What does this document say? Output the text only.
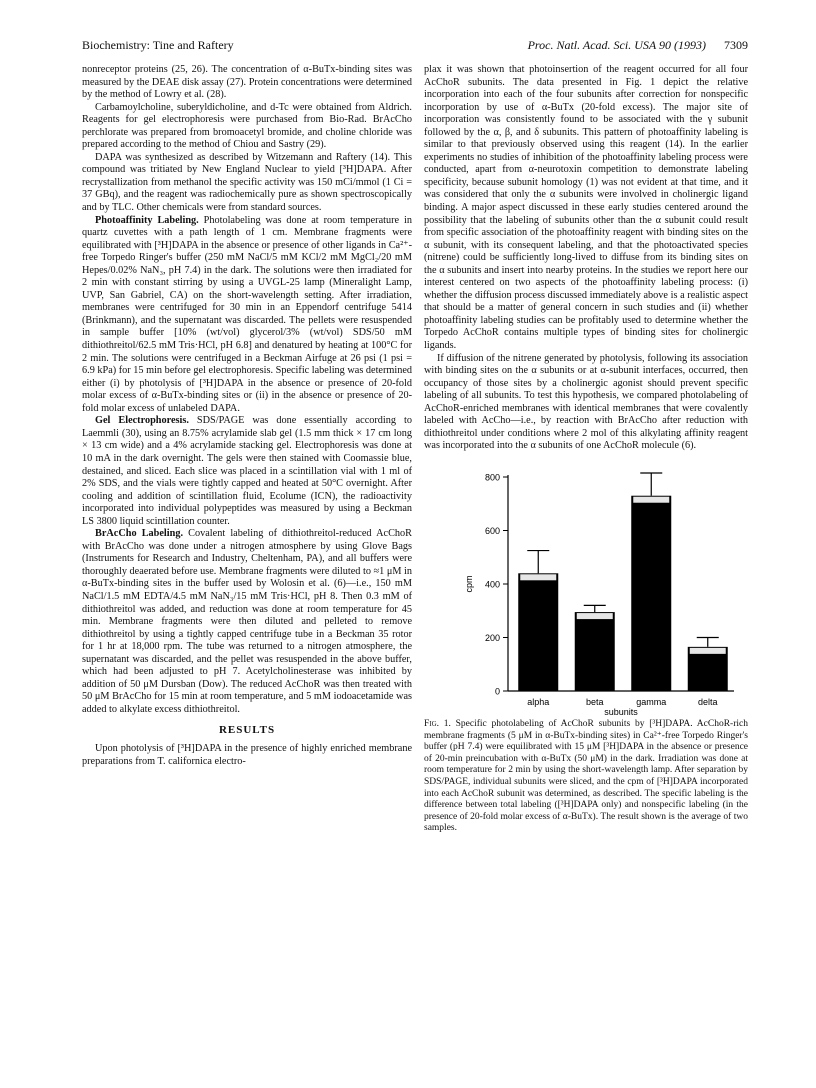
Biochemistry: Tine and Raftery	Proc. Natl. Acad. Sci. USA 90 (1993) 7309

nonreceptor proteins (25, 26). The concentration of α-BuTx-binding sites was measured by the DEAE disk assay (27). Protein concentrations were determined by the method of Lowry et al. (28).

Carbamoylcholine, suberyldicholine, and d-Tc were obtained from Aldrich. Reagents for gel electrophoresis were purchased from Bio-Rad. BrAcCho perchlorate was prepared from bromoacetyl bromide, and choline chloride was prepared according to the method of Chiou and Sastry (29).

DAPA was synthesized as described by Witzemann and Raftery (14). This compound was tritiated by New England Nuclear to yield [³H]DAPA. After recrystallization from methanol the specific activity was 150 mCi/mmol (1 Ci = 37 GBq), and the reagent was radiochemically pure as shown spectroscopically and by TLC. Other chemicals were from standard sources.

Photoaffinity Labeling. Photolabeling was done at room temperature in quartz cuvettes with a path length of 1 cm. Membrane fragments were equilibrated with [³H]DAPA in the absence or presence of other ligands in Ca²⁺-free Torpedo Ringer's buffer (250 mM NaCl/5 mM KCl/2 mM MgCl₂/20 mM Hepes/0.02% NaN₃, pH 7.4) in the dark. The solutions were then irradiated for 2 min with constant stirring by using a UVGL-25 lamp (Mineralight Lamp, UVP, San Gabriel, CA) on the short-wavelength setting. After irradiation, membranes were centrifuged for 30 min in an Eppendorf centrifuge 5414 (Brinkmann), and the supernatant was discarded. The pellets were resuspended in sample buffer [10% (wt/vol) glycerol/3% (wt/vol) SDS/50 mM dithiothreitol/62.5 mM Tris·HCl, pH 6.8] and denatured by heating at 100°C for 2 min. The solutions were centrifuged in a Beckman Airfuge at 26 psi (1 psi = 6.9 kPa) for 15 min before gel electrophoresis. Specific labeling was determined either (i) by photolysis of [³H]DAPA in the absence or presence of 20-fold molar excess of α-BuTx-binding sites or (ii) in the absence or presence of 20-fold molar excess of unlabeled DAPA.

Gel Electrophoresis. SDS/PAGE was done essentially according to Laemmli (30), using an 8.75% acrylamide slab gel (1.5 mm thick × 17 cm long × 13 cm wide) and a 4% acrylamide stacking gel. Electrophoresis was done at 10 mA in the dark overnight. The gels were then stained with Coomassie blue, destained, and sliced. Each slice was placed in a scintillation vial with 1 ml of 2% SDS, and the vials were tightly capped and heated at 50°C overnight. After cooling and addition of scintillation fluid, Ecolume (ICN), the radioactivity incorporated into individual polypeptides was measured by using a Beckman LS 3800 liquid scintillation counter.

BrAcCho Labeling. Covalent labeling of dithiothreitol-reduced AcChoR with BrAcCho was done under a nitrogen atmosphere by using Glove Bags (Instruments for Research and Industry, Cheltenham, PA), and all buffers were thoroughly deaerated before use. Membrane fragments were diluted to ≈1 μM in α-BuTx-binding sites in the buffer used by Wolosin et al. (6)—i.e., 150 mM NaCl/1.5 mM EDTA/4.5 mM NaN₃/15 mM Tris·HCl, pH 8. Then 0.3 mM of dithiothreitol was added, and reduction was done at room temperature for 45 min. Membrane fragments were then diluted and pelleted to remove dithiothreitol by using a tightly capped centrifuge tube in a Beckman 35 rotor for 1 hr at 18,000 rpm. The tube was returned to a nitrogen atmosphere, the supernatant was discarded, and the pellet was resuspended in the above buffer, which had been adjusted to pH 7. Acetylcholinesterase was inhibited by addition of 50 μM Dursban (Dow). The reduced AcChoR was then treated with 50 μM BrAcCho for 15 min at room temperature, and 5 mM iodoacetamide was added to alkylate excess dithiothreitol.

RESULTS

Upon photolysis of [³H]DAPA in the presence of highly enriched membrane preparations from T. californica electro-

plax it was shown that photoinsertion of the reagent occurred for all four AcChoR subunits. The data presented in Fig. 1 depict the relative incorporation into each of the four subunits after correction for nonspecific incorporation by use of α-BuTx (20-fold excess). The major site of incorporation was consistently found to be associated with the γ subunit followed by the α, β, and δ subunits. This pattern of photoaffinity labeling is similar to that previously observed using this reagent (14). In the earlier experiments no studies of inhibition of the photoaffinity labeling process were conducted, apart from α-neurotoxin competition to demonstrate labeling specificity, because subunit homology (1) was not evident at that time, and it was considered that only the α subunits were involved in cholinergic ligand binding. A major aspect discussed in these early studies centered around the possibility that the labeling of subunits other than the α subunit could result from specific association of the photoaffinity reagent with binding sites on the α subunit, with its consequent labeling, and that the photoactivated species (nitrene) could be sufficiently long-lived to diffuse from its binding sites on the α subunits and insert into nearby proteins. In the studies we report here our interest centered on two aspects of the photoaffinity labeling process: (i) whether the diffusion process discussed immediately above is a realistic aspect that should be a matter of general concern in such studies and (ii) whether photoaffinity labeling studies can be profitably used to determine whether the Torpedo AcChoR contains multiple types of binding sites for cholinergic ligands.

If diffusion of the nitrene generated by photolysis, following its association with binding sites on the α subunits or at α-subunit interfaces, occurred, then occupancy of those sites by a cholinergic agonist should prevent specific labeling of all subunits. To test this hypothesis, we compared photolabeling of AcChoR-enriched membranes with identical membranes that were covalently labeled with AcCho—i.e., by reaction with BrAcCho after reduction with dithiothreitol under conditions where 2 mol of this alkylating affinity reagent was incorporated into the α subunits of one AcChoR molecule (6).

0
200
400
600
800
cpm
alpha	beta	gamma	delta
subunits
Fig. 1. Specific photolabeling of AcChoR subunits by [³H]DAPA. AcChoR-rich membrane fragments (5 μM in α-BuTx-binding sites) in Ca²⁺-free Torpedo Ringer's buffer (pH 7.4) were equilibrated with 15 μM [³H]DAPA in the absence or presence of 20-min preincubation with α-BuTx (50 μM) in the dark. Irradiation was done at room temperature for 2 min by using the short-wavelength lamp. After separation by SDS/PAGE, individual subunits were sliced, and the cpm of [³H]DAPA incorporated into each AcChoR subunit was determined, as described. The specific labeling is the difference between total labeling ([³H]DAPA only) and nonspecific labeling (in the presence of 20-fold molar excess of α-BuTx). The result shown is the average of two samples.
